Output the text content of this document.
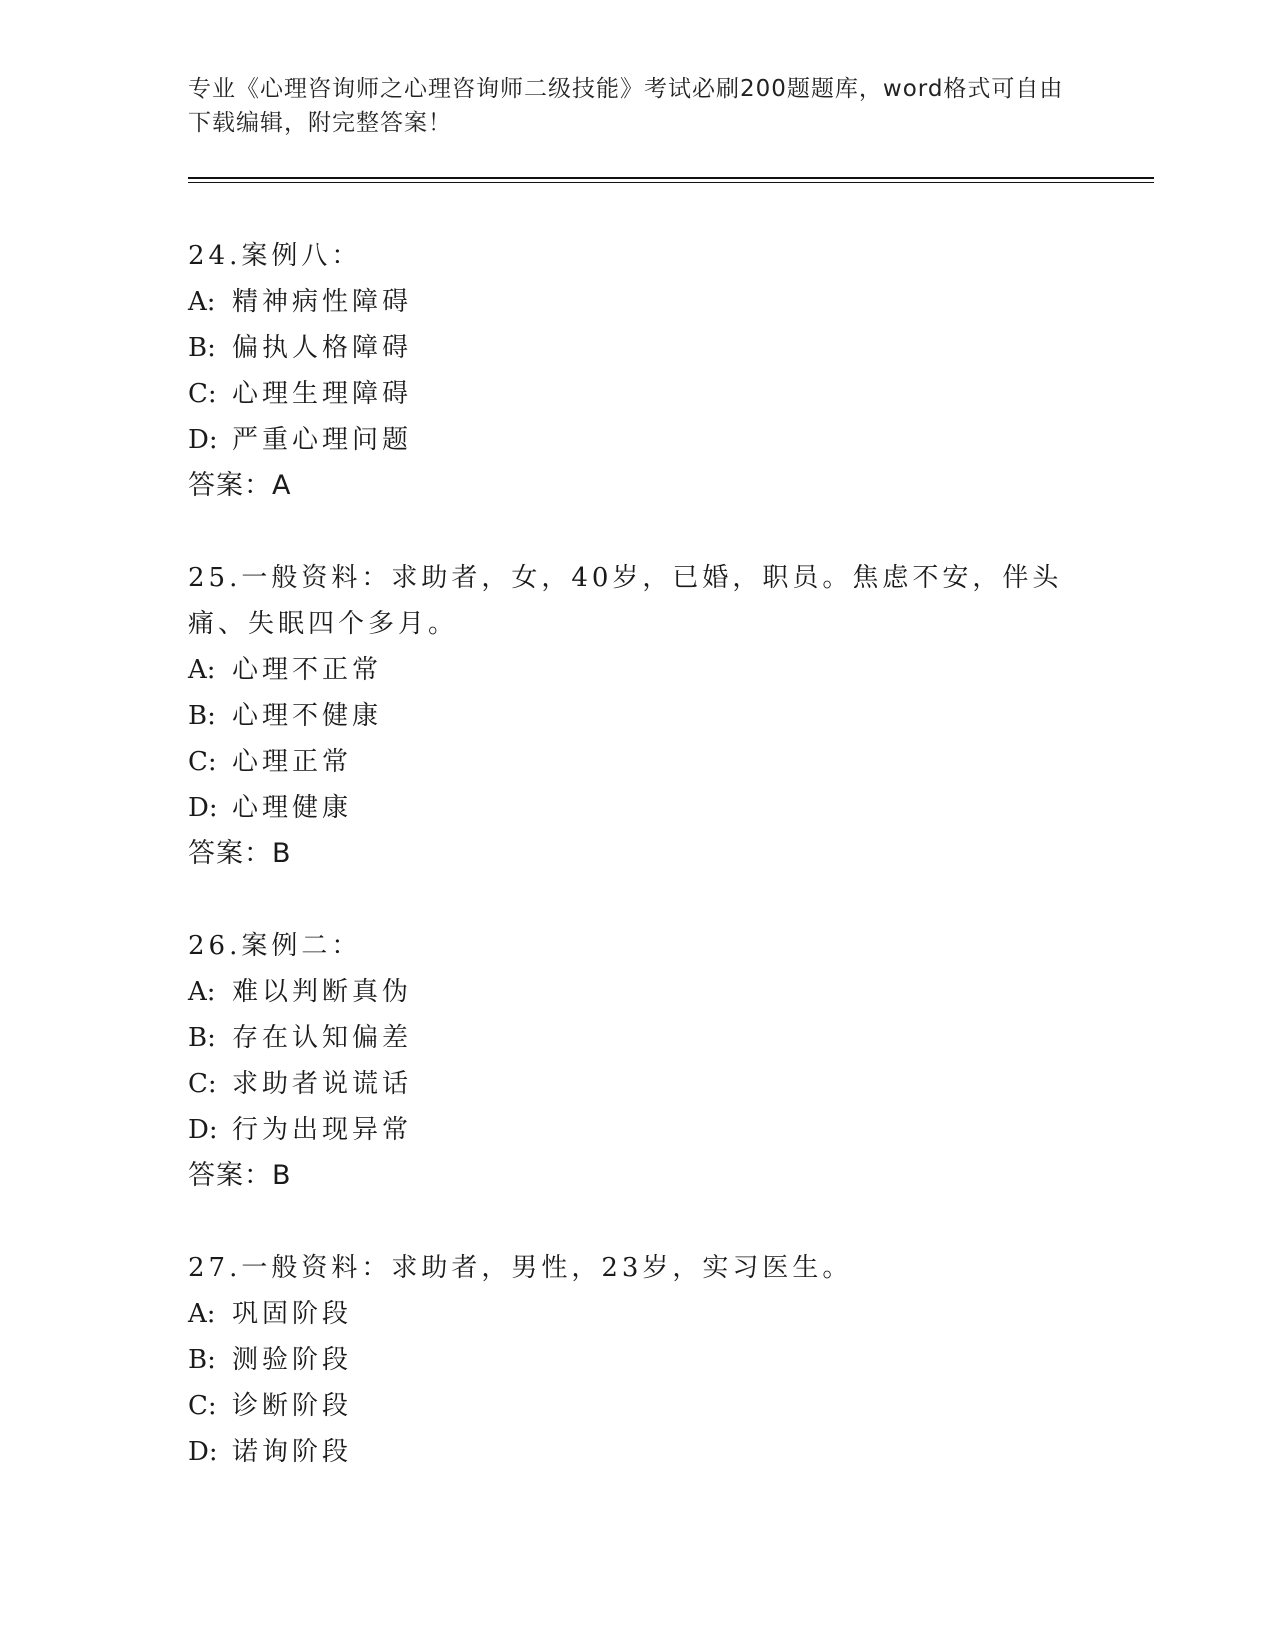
专业《心理咨询师之心理咨询师二级技能》考试必刷200题题库，word格式可自由下载编辑，附完整答案！
24.案例八：
A: 精神病性障碍
B: 偏执人格障碍
C: 心理生理障碍
D: 严重心理问题
答案：A
25.一般资料：求助者，女，40岁，已婚，职员。焦虑不安，伴头痛、失眠四个多月。
A: 心理不正常
B: 心理不健康
C: 心理正常
D: 心理健康
答案：B
26.案例二：
A: 难以判断真伪
B: 存在认知偏差
C: 求助者说谎话
D: 行为出现异常
答案：B
27.一般资料：求助者，男性，23岁，实习医生。
A: 巩固阶段
B: 测验阶段
C: 诊断阶段
D: 诺询阶段
